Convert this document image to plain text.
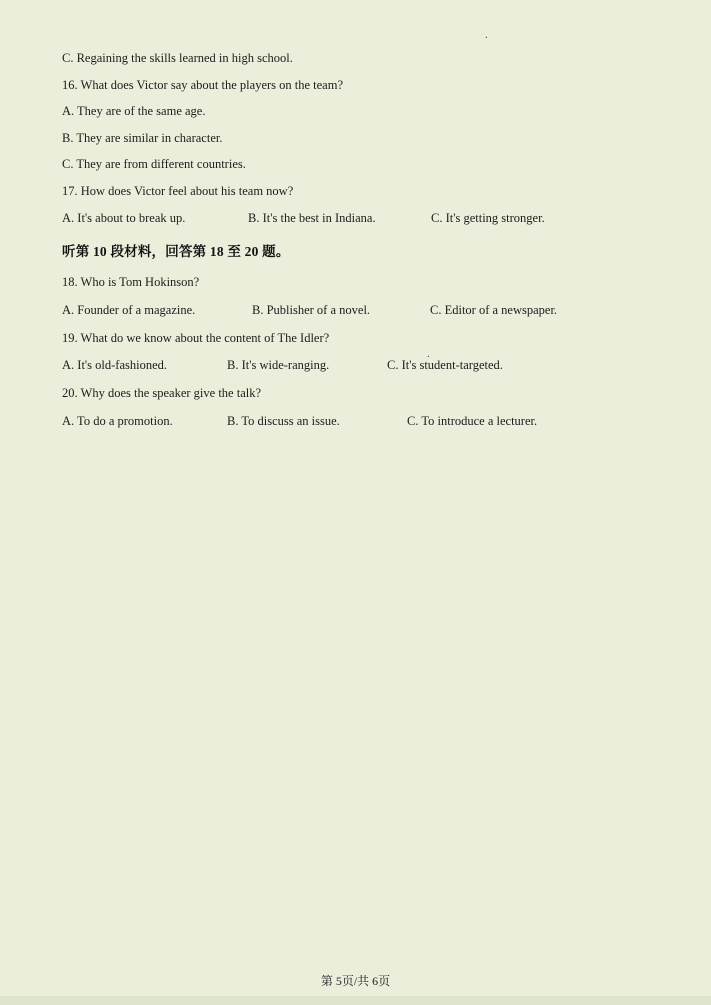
.
.

C. Regaining the skills learned in high school.

16. What does Victor say about the players on the team?

A. They are of the same age.

B. They are similar in character.

C. They are from different countries.

17. How does Victor feel about his team now?

A. It's about to break up.	B. It's the best in Indiana.	C. It's getting stronger.

听第 10 段材料，回答第 18 至 20 题。

18. Who is Tom Hokinson?

A. Founder of a magazine.	B. Publisher of a novel.	C. Editor of a newspaper.

19. What do we know about the content of The Idler?

A. It's old-fashioned.	B. It's wide-ranging.	C. It's student-targeted.

20. Why does the speaker give the talk?

A. To do a promotion.	B. To discuss an issue.	C. To introduce a lecturer.
第 5页/共 6页
